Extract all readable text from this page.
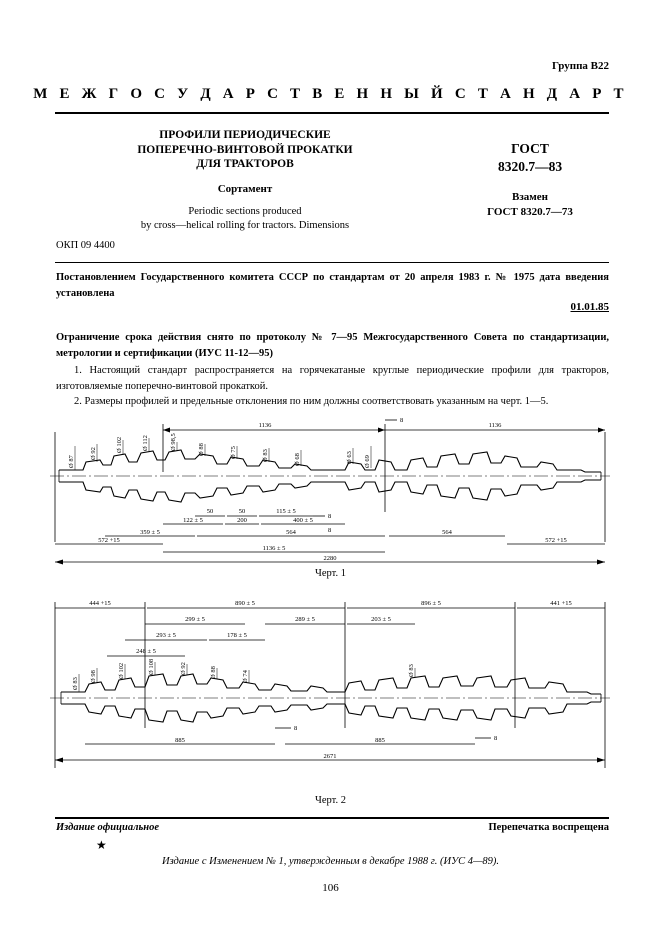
Группа В22
М Е Ж Г О С У Д А Р С Т В Е Н Н Ы Й С Т А Н Д А Р Т
ПРОФИЛИ ПЕРИОДИЧЕСКИЕ
ПОПЕРЕЧНО-ВИНТОВОЙ ПРОКАТКИ
ДЛЯ ТРАКТОРОВ
Сортамент
Periodic sections produced
by cross—helical rolling for tractors. Dimensions
ГОСТ
8320.7—83
Взамен
ГОСТ 8320.7—73
ОКП 09 4400
Постановлением Государственного комитета СССР по стандартам от 20 апреля 1983 г. № 1975 дата введения установлена
01.01.85
Ограничение срока действия снято по протоколу № 7—95 Межгосударственного Совета по стандартизации, метрологии и сертификации (ИУС 11-12—95)
1. Настоящий стандарт распространяется на горячекатаные круглые периодические профили для тракторов, изготовляемые поперечно-винтовой прокаткой.
2. Размеры профилей и предельные отклонения по ним должны соответствовать указанным на черт. 1—5.
1136	1136
Ø 87
Ø 92
Ø 102	Ø 112	Ø 98,5	Ø 88	Ø 75	Ø 83	Ø 68	Ø 63 Ø 69
50	50	115 ± 5
122 ± 5	200	400 ± 5
359 ± 5	564	564
572 +15	572 +15
1136 ± 5
2280
8
8
8
Черт. 1
444 +15	890 ± 5	896 ± 5	441 +15
299 ± 5	289 ± 5	203 ± 5
293 ± 5	178 ± 5
248 ± 5
Ø 83
Ø 98	Ø 102	Ø 108	Ø 92	Ø 88	Ø 74	Ø 83
885	885
2671
8
8
Черт. 2
Издание официальное	Перепечатка воспрещена
★
Издание с Изменением № 1, утвержденным в декабре 1988 г. (ИУС 4—89).
106
